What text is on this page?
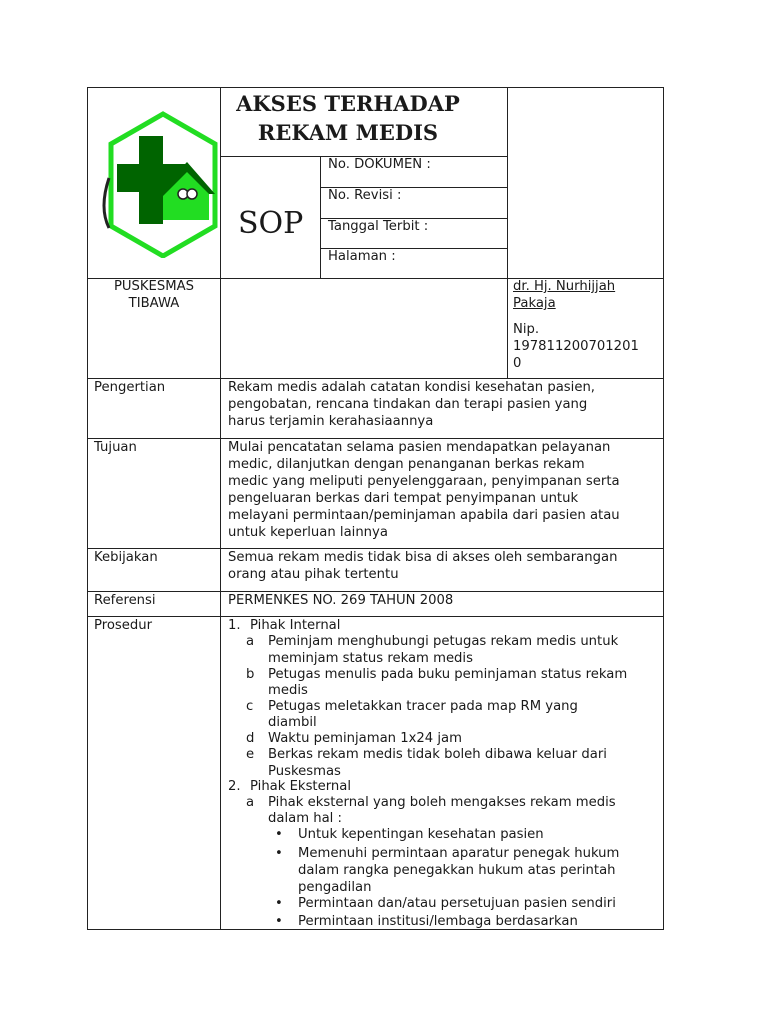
AKSES TERHADAP
REKAM MEDIS
SOP
No. DOKUMEN :
No. Revisi :
Tanggal Terbit :
Halaman :
PUSKESMAS
TIBAWA
dr. Hj. Nurhijjah
Pakaja
Nip.
197811200701201
0
Pengertian	Rekam medis adalah catatan kondisi kesehatan pasien,
pengobatan, rencana tindakan dan terapi pasien yang
harus terjamin kerahasiaannya
Tujuan	Mulai pencatatan selama pasien mendapatkan pelayanan
medic, dilanjutkan dengan penanganan berkas rekam
medic yang meliputi penyelenggaraan, penyimpanan serta
pengeluaran berkas dari tempat penyimpanan untuk
melayani permintaan/peminjaman apabila dari pasien atau
untuk keperluan lainnya
Kebijakan	Semua rekam medis tidak bisa di akses oleh sembarangan
orang atau pihak tertentu
Referensi	PERMENKES NO. 269 TAHUN 2008
Prosedur	1. Pihak Internal
a Peminjam menghubungi petugas rekam medis untuk
meminjam status rekam medis
b Petugas menulis pada buku peminjaman status rekam
medis
c Petugas meletakkan tracer pada map RM yang
diambil
d Waktu peminjaman 1x24 jam
e Berkas rekam medis tidak boleh dibawa keluar dari
Puskesmas
2. Pihak Eksternal
a Pihak eksternal yang boleh mengakses rekam medis
dalam hal :
• Untuk kepentingan kesehatan pasien
• Memenuhi permintaan aparatur penegak hukum
dalam rangka penegakkan hukum atas perintah
pengadilan
• Permintaan dan/atau persetujuan pasien sendiri
• Permintaan institusi/lembaga berdasarkan
